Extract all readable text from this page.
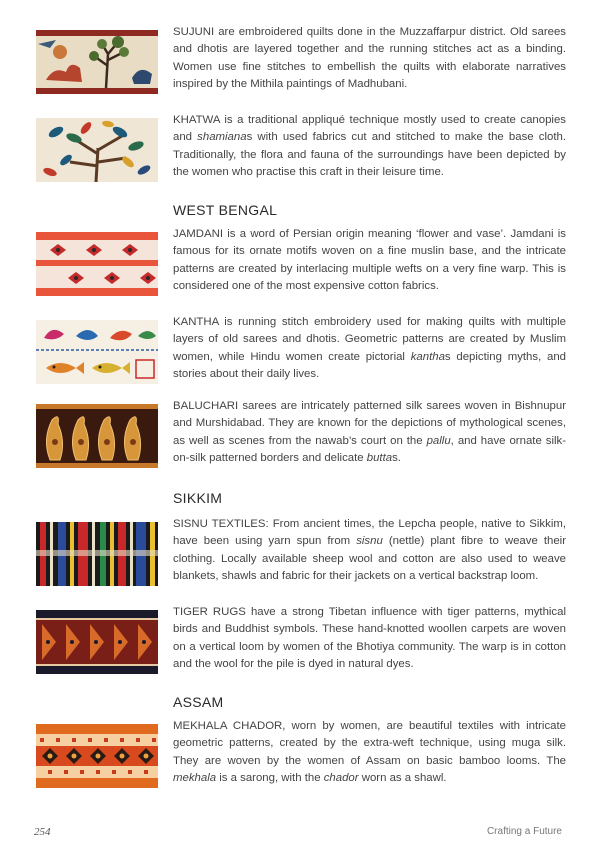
SUJUNI are embroidered quilts done in the Muzzaffarpur district. Old sarees and dhotis are layered together and the running stitches act as a binding. Women use fine stitches to embellish the quilts with elaborate narratives inspired by the Mithila paintings of Madhubani.

KHATWA is a traditional appliqué technique mostly used to create canopies and shamianas with used fabrics cut and stitched to make the base cloth. Traditionally, the flora and fauna of the surroundings have been depicted by the women who practise this craft in their leisure time.

WEST BENGAL

JAMDANI is a word of Persian origin meaning ‘flower and vase’. Jamdani is famous for its ornate motifs woven on a fine muslin base, and the intricate patterns are created by interlacing multiple wefts on a very fine warp. This is considered one of the most expensive cotton fabrics.

KANTHA is running stitch embroidery used for making quilts with multiple layers of old sarees and dhotis. Geometric patterns are created by Muslim women, while Hindu women create pictorial kanthas depicting myths, and stories about their daily lives.

BALUCHARI sarees are intricately patterned silk sarees woven in Bishnupur and Murshidabad. They are known for the depictions of mythological scenes, as well as scenes from the nawab’s court on the pallu, and have ornate silk-on-silk patterned borders and delicate buttas.

SIKKIM

SISNU TEXTILES: From ancient times, the Lepcha people, native to Sikkim, have been using yarn spun from sisnu (nettle) plant fibre to weave their clothing. Locally available sheep wool and cotton are also used to weave blankets, shawls and fabric for their jackets on a vertical backstrap loom.

TIGER RUGS have a strong Tibetan influence with tiger patterns, mythical birds and Buddhist symbols. These hand-knotted woollen carpets are woven on a vertical loom by women of the Bhotiya community. The warp is in cotton and the wool for the pile is dyed in natural dyes.

ASSAM

MEKHALA CHADOR, worn by women, are beautiful textiles with intricate geometric patterns, created by the extra-weft technique, using muga silk. They are woven by the women of Assam on basic bamboo looms. The mekhala is a sarong, with the chador worn as a shawl.

254	Crafting a Future
